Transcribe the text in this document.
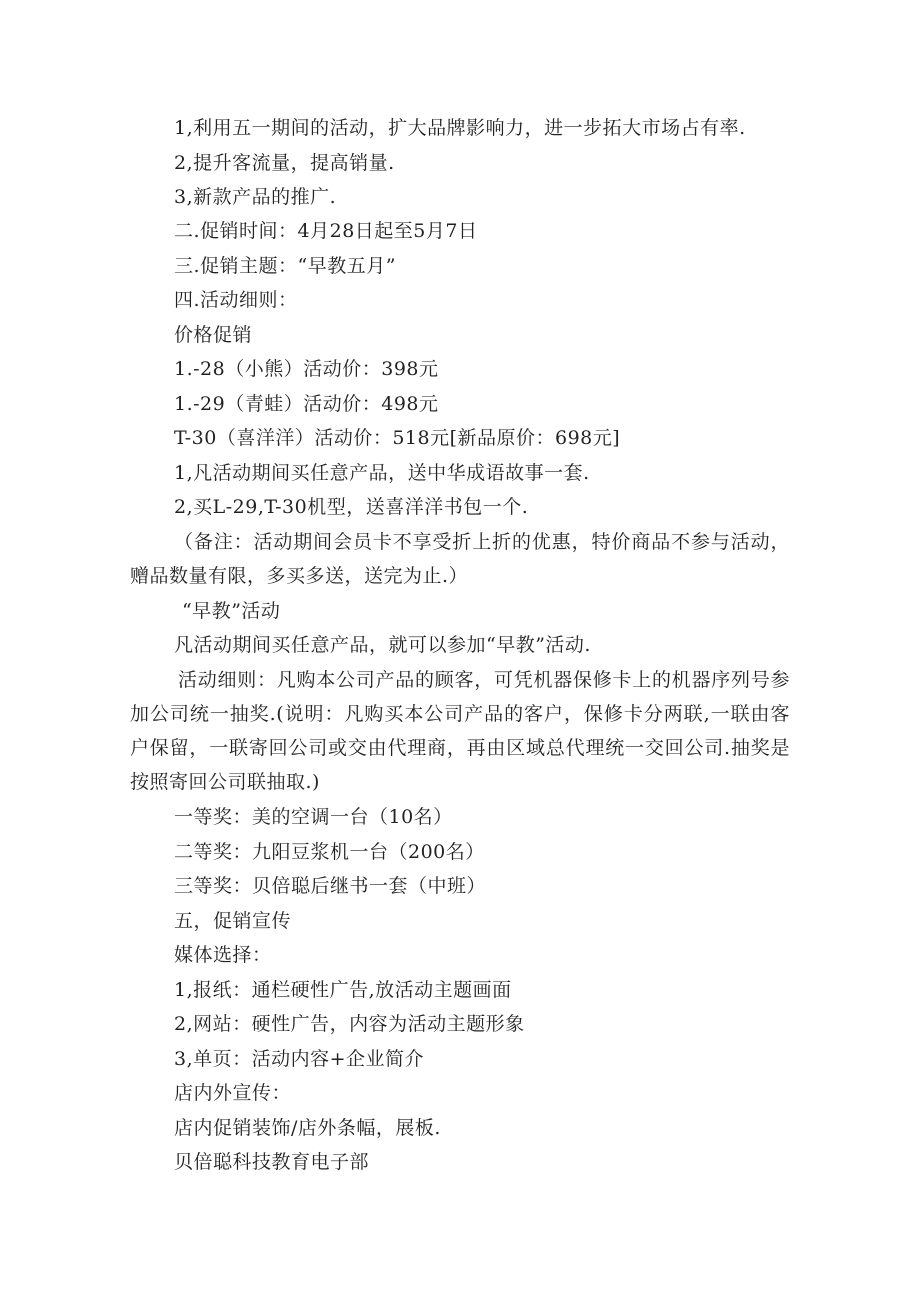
1,利用五一期间的活动，扩大品牌影响力，进一步拓大市场占有率.
2,提升客流量，提高销量.
3,新款产品的推广.
二.促销时间：4月28日起至5月7日
三.促销主题：“早教五月”
四.活动细则：
价格促销
1.-28（小熊）活动价：398元
1.-29（青蛙）活动价：498元
T-30（喜洋洋）活动价：518元[新品原价：698元]
1,凡活动期间买任意产品，送中华成语故事一套.
2,买L-29,T-30机型，送喜洋洋书包一个.
（备注：活动期间会员卡不享受折上折的优惠，特价商品不参与活动，赠品数量有限，多买多送，送完为止.）
“早教”活动
凡活动期间买任意产品，就可以参加“早教”活动.
活动细则：凡购本公司产品的顾客，可凭机器保修卡上的机器序列号参加公司统一抽奖.(说明：凡购买本公司产品的客户，保修卡分两联,一联由客户保留，一联寄回公司或交由代理商，再由区域总代理统一交回公司.抽奖是按照寄回公司联抽取.)
一等奖：美的空调一台（10名）
二等奖：九阳豆浆机一台（200名）
三等奖：贝倍聪后继书一套（中班）
五，促销宣传
媒体选择：
1,报纸：通栏硬性广告,放活动主题画面
2,网站：硬性广告，内容为活动主题形象
3,单页：活动内容+企业简介
店内外宣传：
店内促销装饰/店外条幅，展板.
贝倍聪科技教育电子部
